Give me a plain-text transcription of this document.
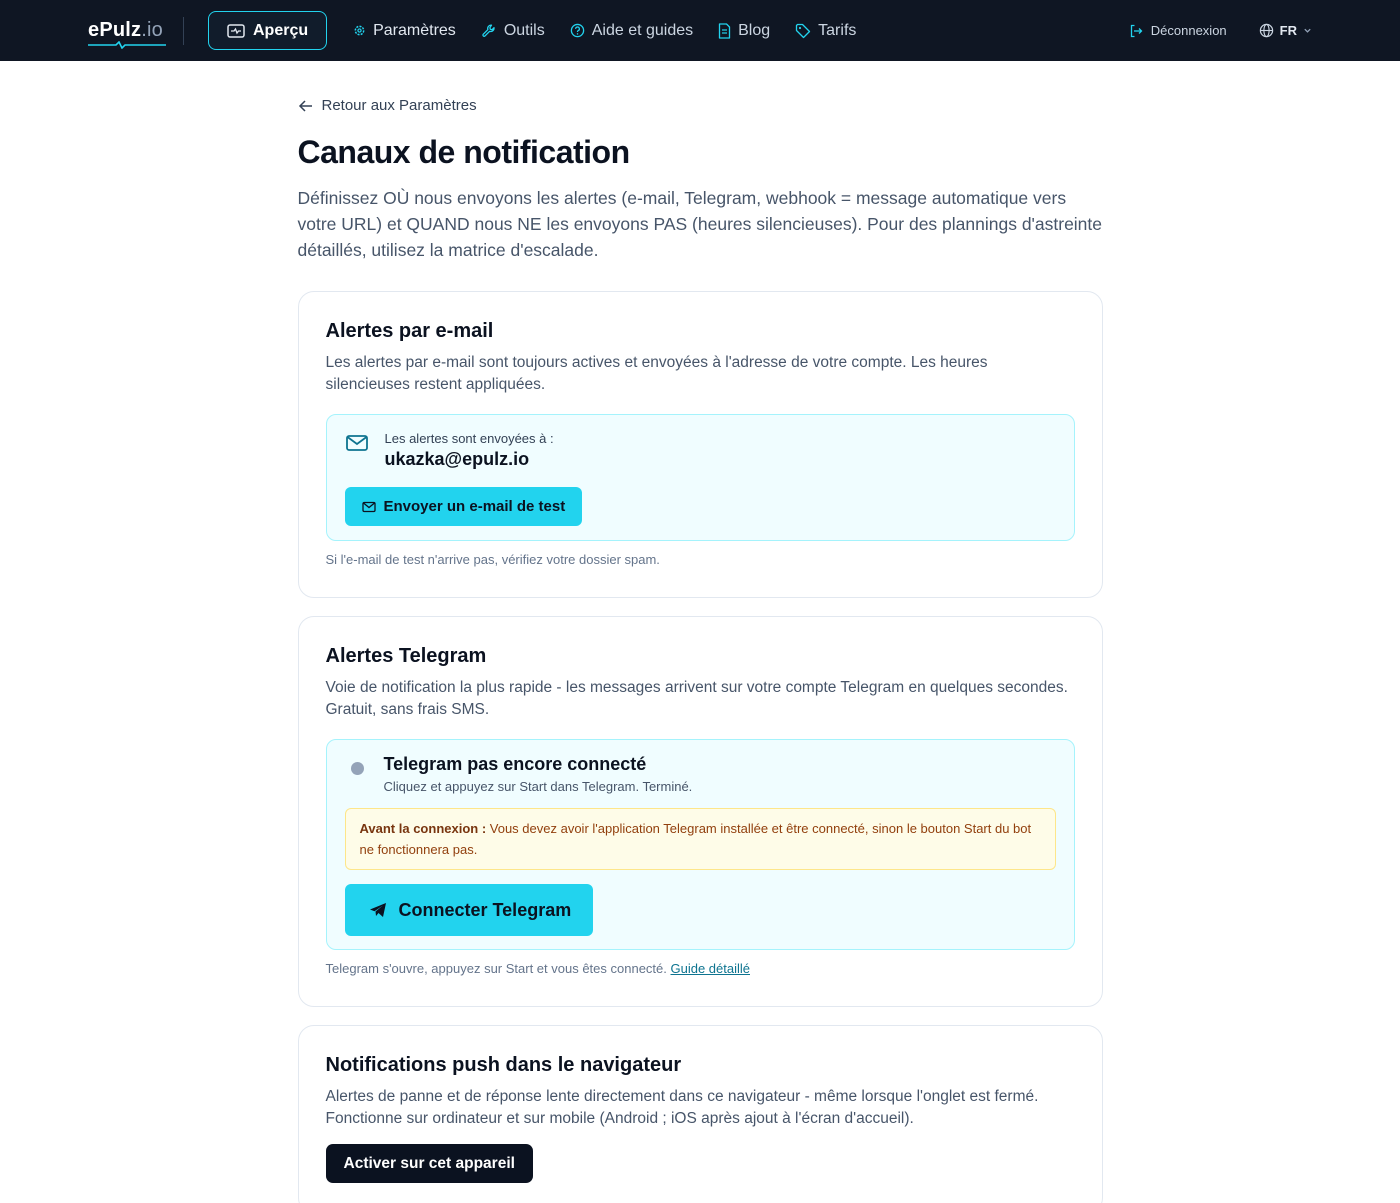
ePulz.io	Aperçu	Paramètres	Outils	Aide et guides	Blog	Tarifs	Déconnexion	FR
Retour aux Paramètres
Canaux de notification

Définissez OÙ nous envoyons les alertes (e-mail, Telegram, webhook = message automatique vers votre URL) et QUAND nous NE les envoyons PAS (heures silencieuses). Pour des plannings d'astreinte détaillés, utilisez la matrice d'escalade.

Alertes par e-mail

Les alertes par e-mail sont toujours actives et envoyées à l'adresse de votre compte. Les heures silencieuses restent appliquées.

Les alertes sont envoyées à :
ukazka@epulz.io
Envoyer un e-mail de test

Si l'e-mail de test n'arrive pas, vérifiez votre dossier spam.

Alertes Telegram

Voie de notification la plus rapide - les messages arrivent sur votre compte Telegram en quelques secondes. Gratuit, sans frais SMS.

Telegram pas encore connecté
Cliquez et appuyez sur Start dans Telegram. Terminé.
Avant la connexion : Vous devez avoir l'application Telegram installée et être connecté, sinon le bouton Start du bot ne fonctionnera pas.
Connecter Telegram

Telegram s'ouvre, appuyez sur Start et vous êtes connecté. Guide détaillé

Notifications push dans le navigateur

Alertes de panne et de réponse lente directement dans ce navigateur - même lorsque l'onglet est fermé. Fonctionne sur ordinateur et sur mobile (Android ; iOS après ajout à l'écran d'accueil).

Activer sur cet appareil
